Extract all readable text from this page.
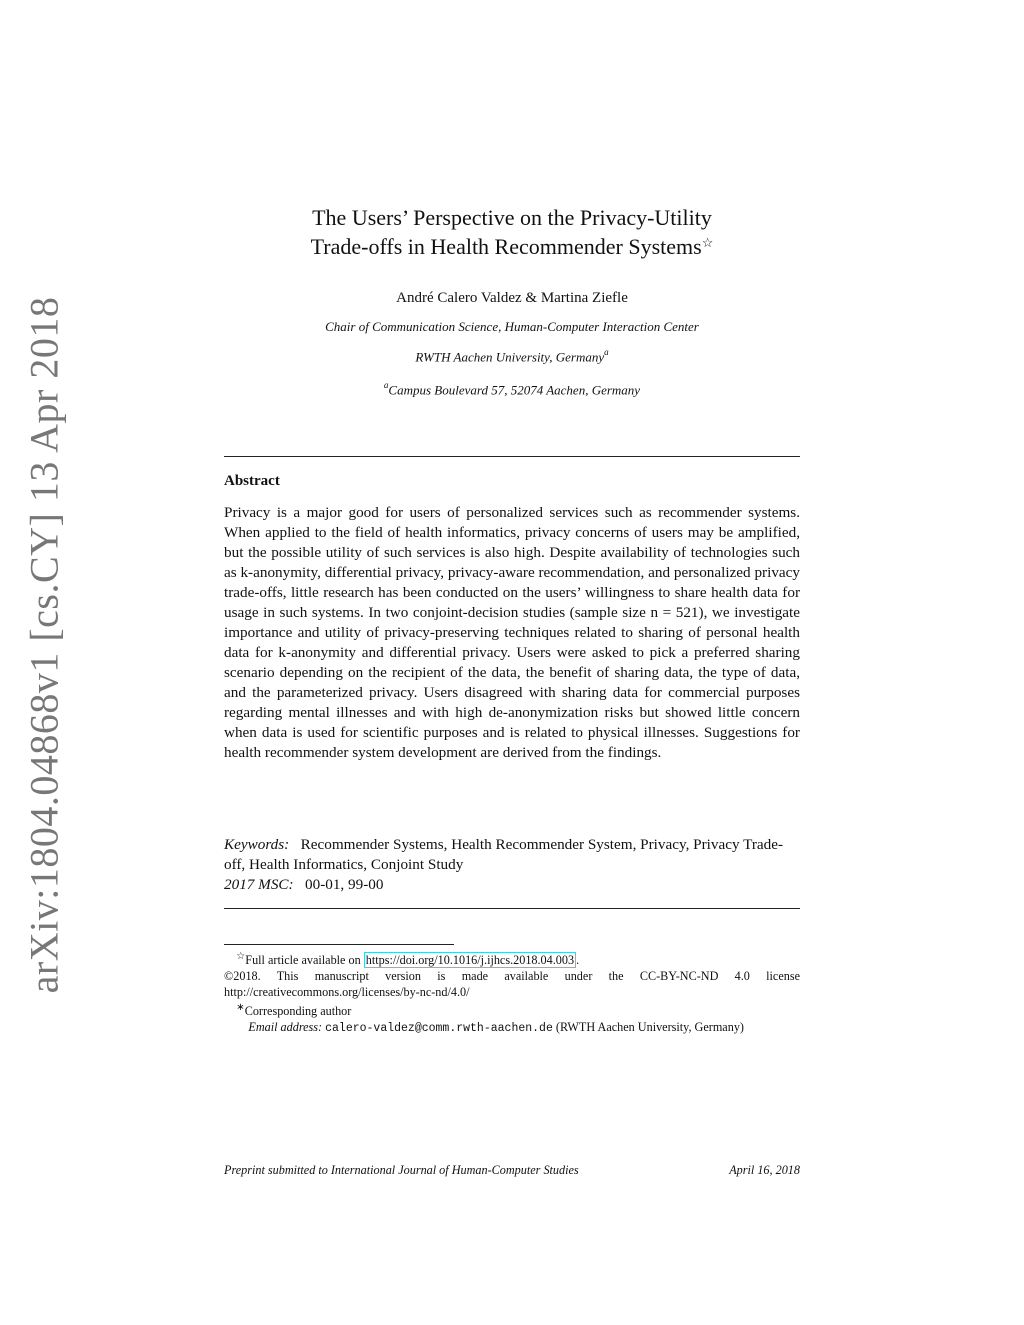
arXiv:1804.04868v1 [cs.CY] 13 Apr 2018
The Users’ Perspective on the Privacy-Utility
Trade-offs in Health Recommender Systems☆
André Calero Valdez & Martina Ziefle
Chair of Communication Science, Human-Computer Interaction Center
RWTH Aachen University, Germany$^a$
$^a$Campus Boulevard 57, 52074 Aachen, Germany
Abstract

Privacy is a major good for users of personalized services such as recommender systems. When applied to the field of health informatics, privacy concerns of users may be amplified, but the possible utility of such services is also high. Despite availability of technologies such as k-anonymity, differential privacy, privacy-aware recommendation, and personalized privacy trade-offs, little research has been conducted on the users’ willingness to share health data for usage in such systems. In two conjoint-decision studies (sample size n = 521), we investigate importance and utility of privacy-preserving techniques related to sharing of personal health data for k-anonymity and differential privacy. Users were asked to pick a preferred sharing scenario depending on the recipient of the data, the benefit of sharing data, the type of data, and the parameterized privacy. Users disagreed with sharing data for commercial purposes regarding mental illnesses and with high de-anonymization risks but showed little concern when data is used for scientific purposes and is related to physical illnesses. Suggestions for health recommender system development are derived from the findings.

Keywords: Recommender Systems, Health Recommender System, Privacy, Privacy Trade-off, Health Informatics, Conjoint Study
2017 MSC: 00-01, 99-00

☆Full article available on https://doi.org/10.1016/j.ijhcs.2018.04.003 .

©2018. This manuscript version is made available under the CC-BY-NC-ND 4.0 license http://creativecommons.org/licenses/by-nc-nd/4.0/

∗Corresponding author

Email address: calero-valdez@comm.rwth-aachen.de (RWTH Aachen University, Germany)

Preprint submitted to International Journal of Human-Computer Studies	April 16, 2018
